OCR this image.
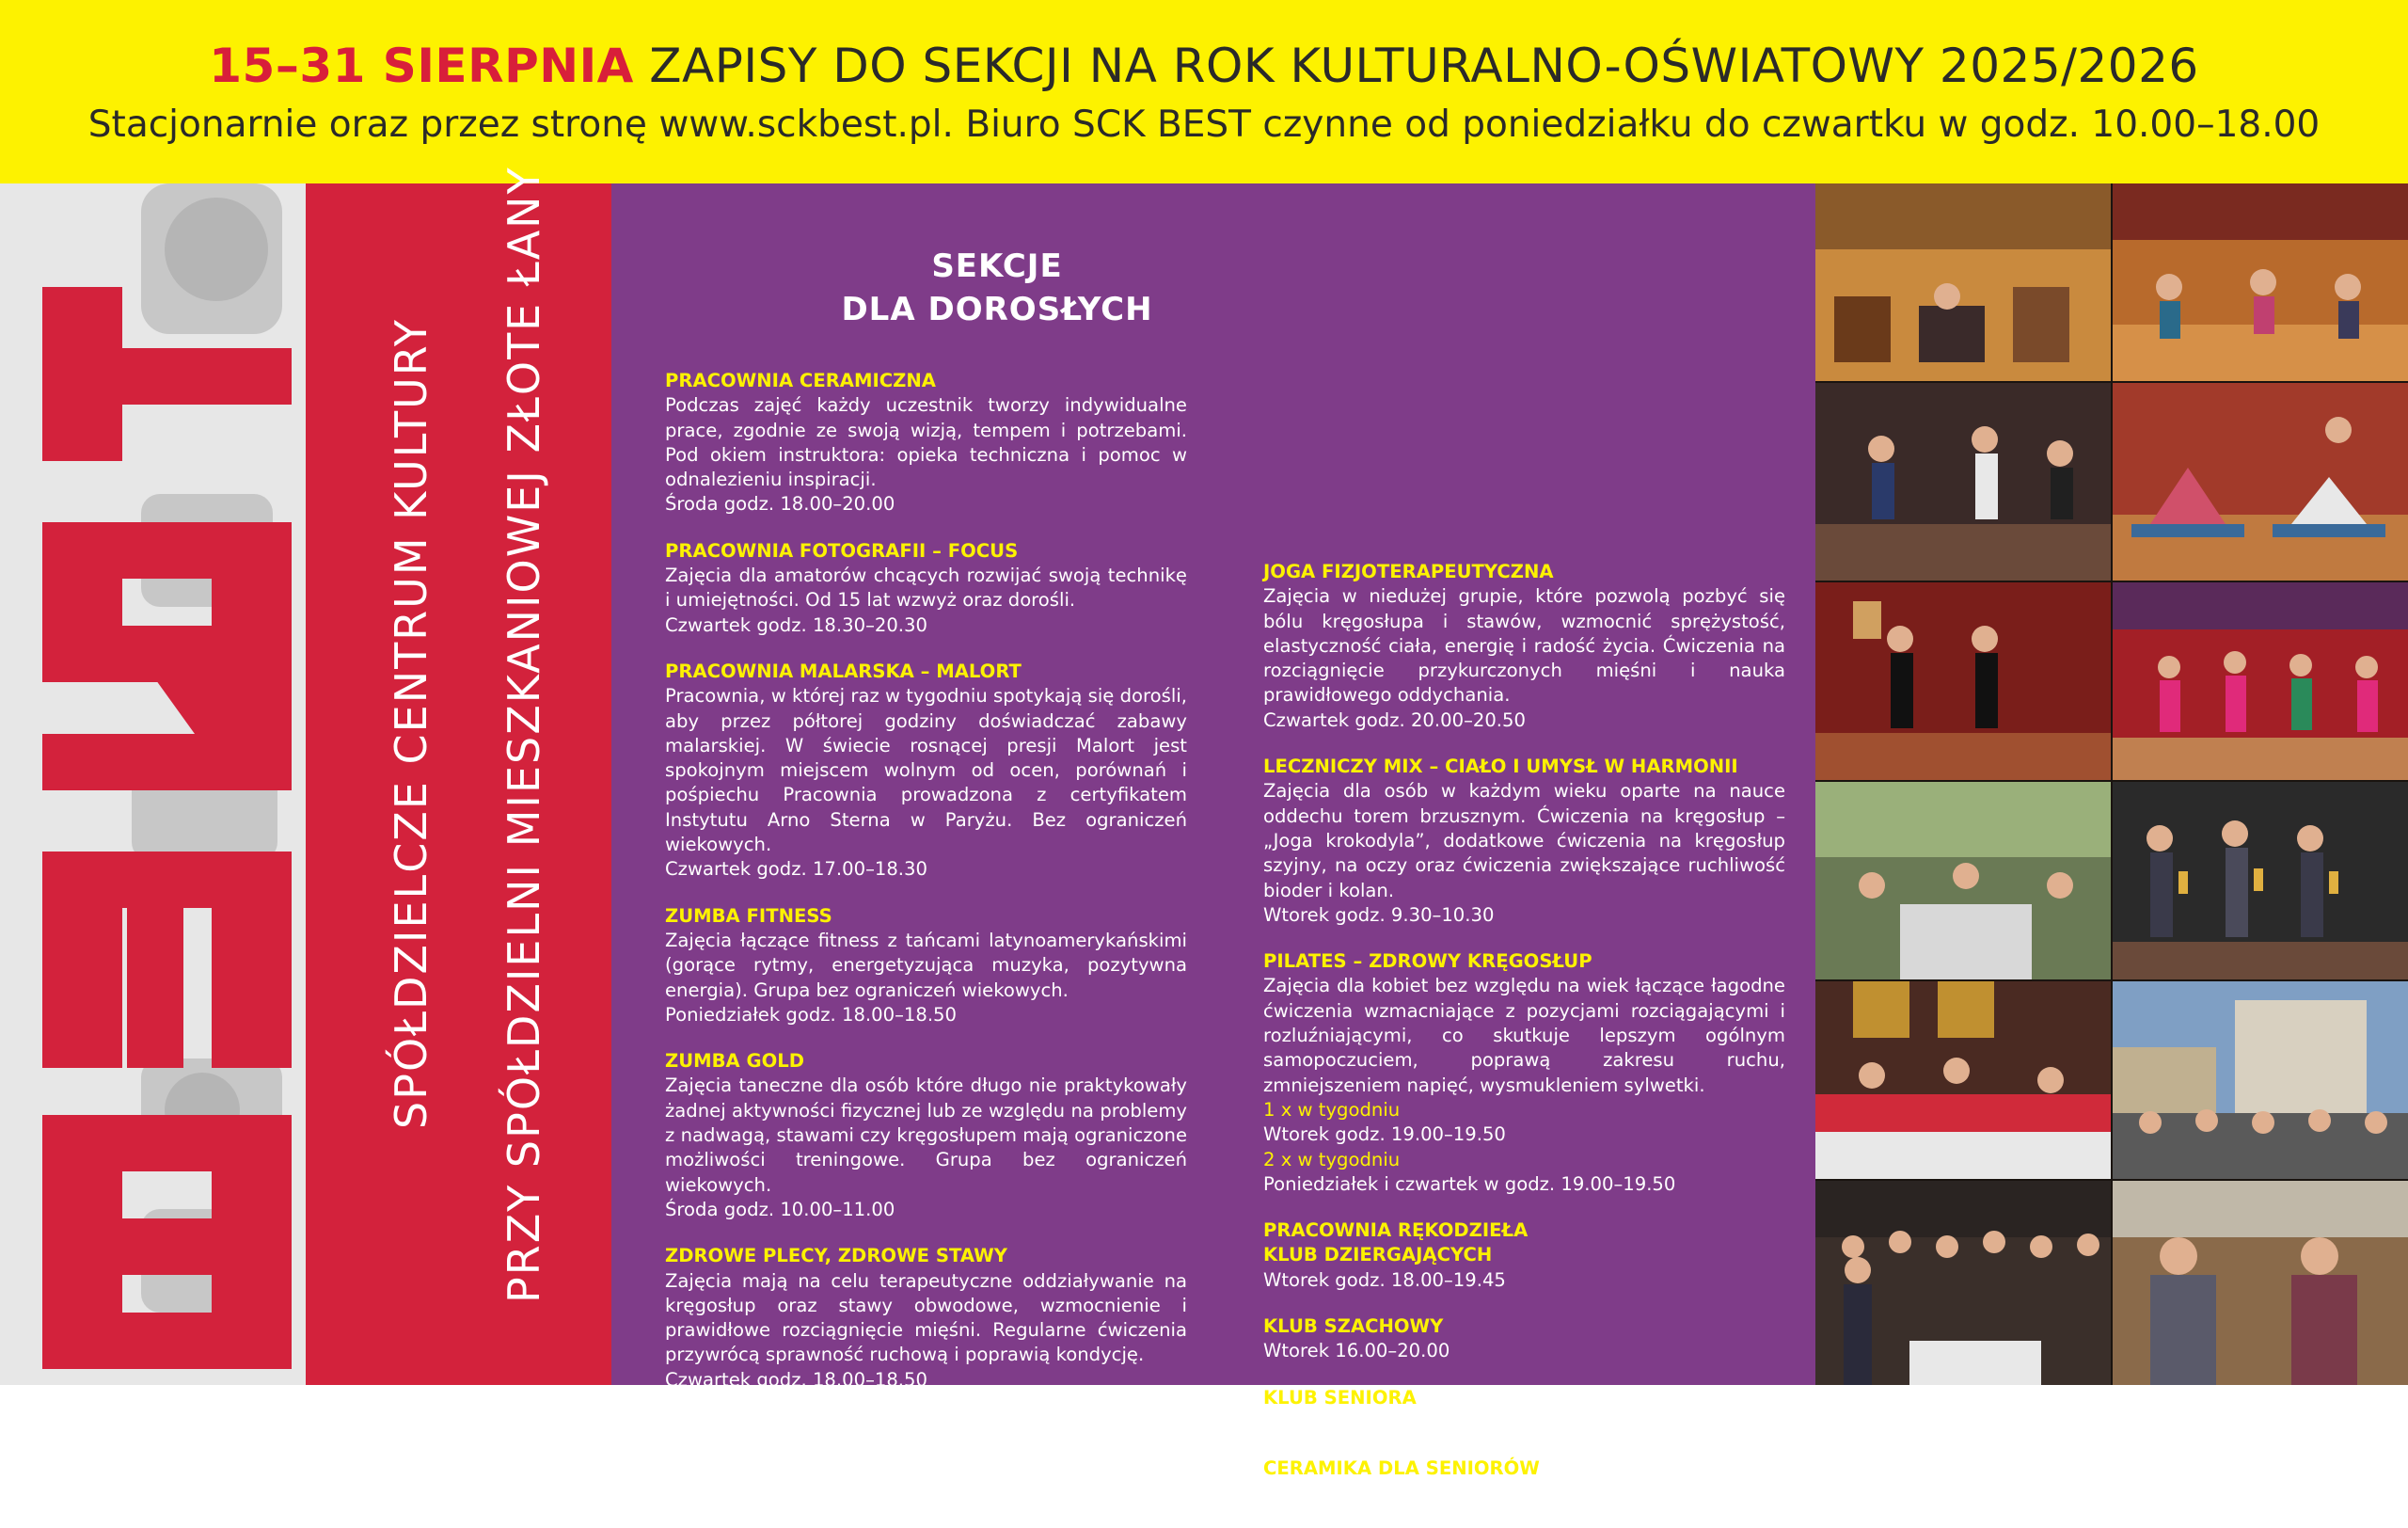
15–31 SIERPNIA ZAPISY DO SEKCJI NA ROK KULTURALNO-OŚWIATOWY 2025/2026
Stacjonarnie oraz przez stronę www.sckbest.pl. Biuro SCK BEST czynne od poniedziałku do czwartku w godz. 10.00–18.00
SPÓŁDZIELCZE CENTRUM KULTURY PRZY SPÓŁDZIELNI MIESZKANIOWEJ ZŁOTE ŁANY	SEKCJE
DLA DOROSŁYCH
PRACOWNIA CERAMICZNA
Podczas zajęć każdy uczestnik tworzy indywidualne prace, zgodnie ze swoją wizją, tempem i potrzebami. Pod okiem instruktora: opieka techniczna i pomoc w odnalezieniu inspiracji.
Środa godz. 18.00–20.00
PRACOWNIA FOTOGRAFII – FOCUS
Zajęcia dla amatorów chcących rozwijać swoją technikę i umiejętności. Od 15 lat wzwyż oraz dorośli.
Czwartek godz. 18.30–20.30
PRACOWNIA MALARSKA – MALORT
Pracownia, w której raz w tygodniu spotykają się dorośli, aby przez półtorej godziny doświadczać zabawy malarskiej. W świecie rosnącej presji Malort jest spokojnym miejscem wolnym od ocen, porównań i pośpiechu Pracownia prowadzona z certyfikatem Instytutu Arno Sterna w Paryżu. Bez ograniczeń wiekowych.
Czwartek godz. 17.00–18.30
ZUMBA FITNESS
Zajęcia łączące fitness z tańcami latynoamerykańskimi (gorące rytmy, energetyzująca muzyka, pozytywna energia). Grupa bez ograniczeń wiekowych.
Poniedziałek godz. 18.00–18.50
ZUMBA GOLD
Zajęcia taneczne dla osób które długo nie praktykowały żadnej aktywności fizycznej lub ze względu na problemy z nadwagą, stawami czy kręgosłupem mają ograniczone możliwości treningowe. Grupa bez ograniczeń wiekowych.
Środa godz. 10.00–11.00
ZDROWE PLECY, ZDROWE STAWY
Zajęcia mają na celu terapeutyczne oddziaływanie na kręgosłup oraz stawy obwodowe, wzmocnienie i prawidłowe rozciągnięcie mięśni. Regularne ćwiczenia przywrócą sprawność ruchową i poprawią kondycję.
Czwartek godz. 18.00–18.50
JOGA FIZJOTERAPEUTYCZNA
Zajęcia w niedużej grupie, które pozwolą pozbyć się bólu kręgosłupa i stawów, wzmocnić sprężystość, elastyczność ciała, energię i radość życia. Ćwiczenia na rozciągnięcie przykurczonych mięśni i nauka prawidłowego oddychania.
Czwartek godz. 20.00–20.50
LECZNICZY MIX – CIAŁO I UMYSŁ W HARMONII
Zajęcia dla osób w każdym wieku oparte na nauce oddechu torem brzusznym. Ćwiczenia na kręgosłup – „Joga krokodyla”, dodatkowe ćwiczenia na kręgosłup szyjny, na oczy oraz ćwiczenia zwiększające ruchliwość bioder i kolan.
Wtorek godz. 9.30–10.30
PILATES – ZDROWY KRĘGOSŁUP
Zajęcia dla kobiet bez względu na wiek łączące łagodne ćwiczenia wzmacniające z pozycjami rozciągającymi i rozluźniającymi, co skutkuje lepszym ogólnym samopoczuciem, poprawą zakresu ruchu, zmniejszeniem napięć, wysmukleniem sylwetki.
1 x w tygodniu
Wtorek godz. 19.00–19.50
2 x w tygodniu
Poniedziałek i czwartek w godz. 19.00–19.50
PRACOWNIA RĘKODZIEŁA
KLUB DZIERGAJĄCYCH
Wtorek godz. 18.00–19.45
KLUB SZACHOWY
Wtorek 16.00–20.00
KLUB SENIORA
Wtorek godz. 14.00–17.00
CERAMIKA DLA SENIORÓW
Środa godz. 14.00–15.45
